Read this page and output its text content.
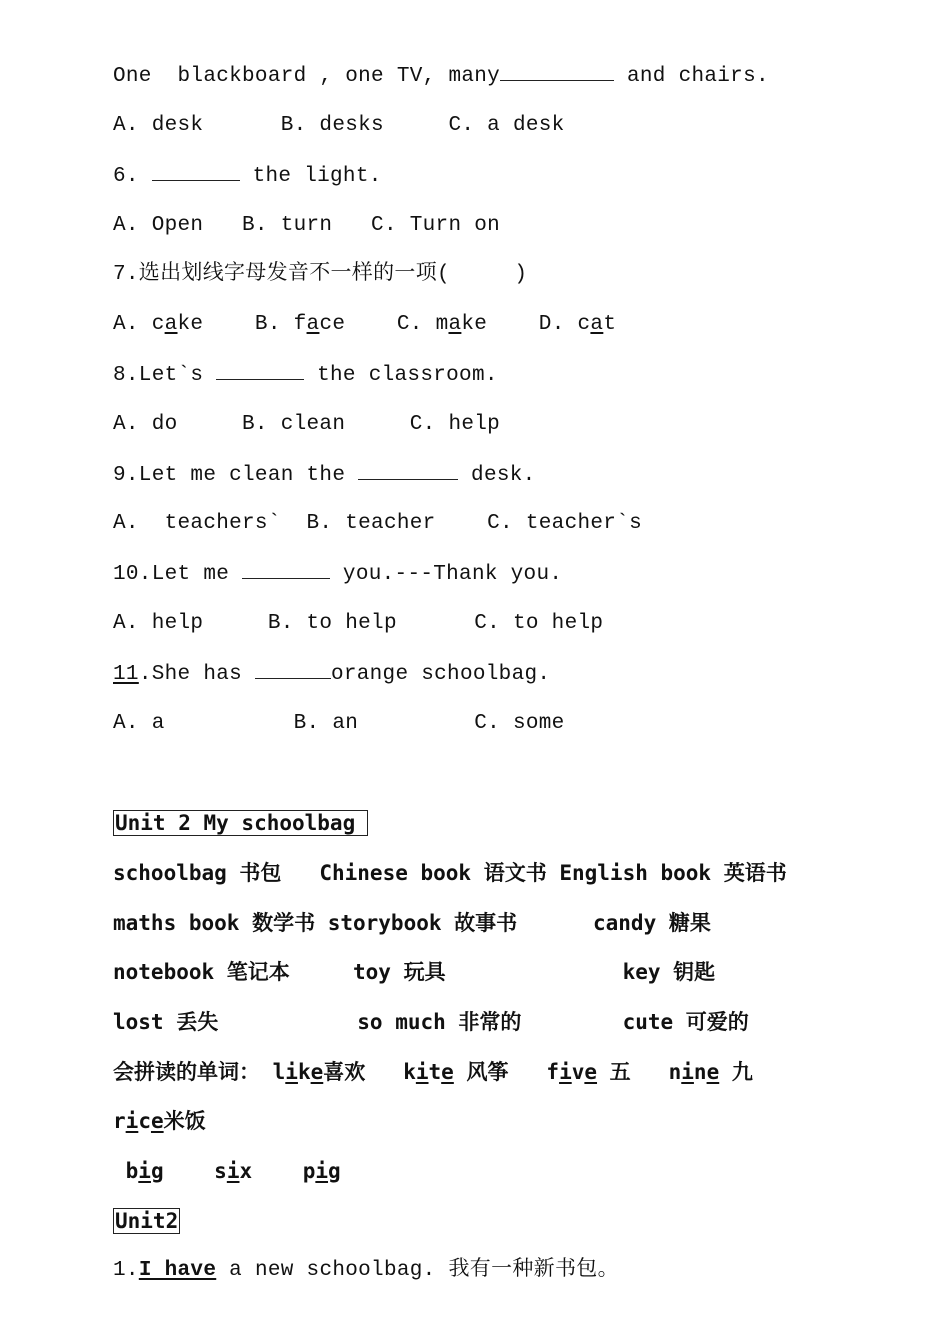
One  blackboard , one TV, many	and chairs.
A. desk      B. desks     C. a desk
6.	the light.
A. Open   B. turn   C. Turn on
7.选出划线字母发音不一样的一项(     )
A. cake    B. face    C. make    D. cat
8.Let`s	the classroom.
A. do     B. clean     C. help
9.Let me clean the	desk.
A.  teachers`  B. teacher    C. teacher`s
10.Let me	you.---Thank you.
A. help     B. to help      C. to help
11.She has	orange schoolbag.
A. a          B. an         C. some
Unit 2 My schoolbag
schoolbag 书包   Chinese book 语文书 English book 英语书
maths book 数学书 storybook 故事书      candy 糖果
notebook 笔记本     toy 玩具              key 钥匙
lost 丢失           so much 非常的        cute 可爱的
会拼读的单词： like喜欢   kite 风筝   five 五   nine 九
rice米饭
big    six    pig
Unit2
1.I have a new schoolbag. 我有一种新书包。
